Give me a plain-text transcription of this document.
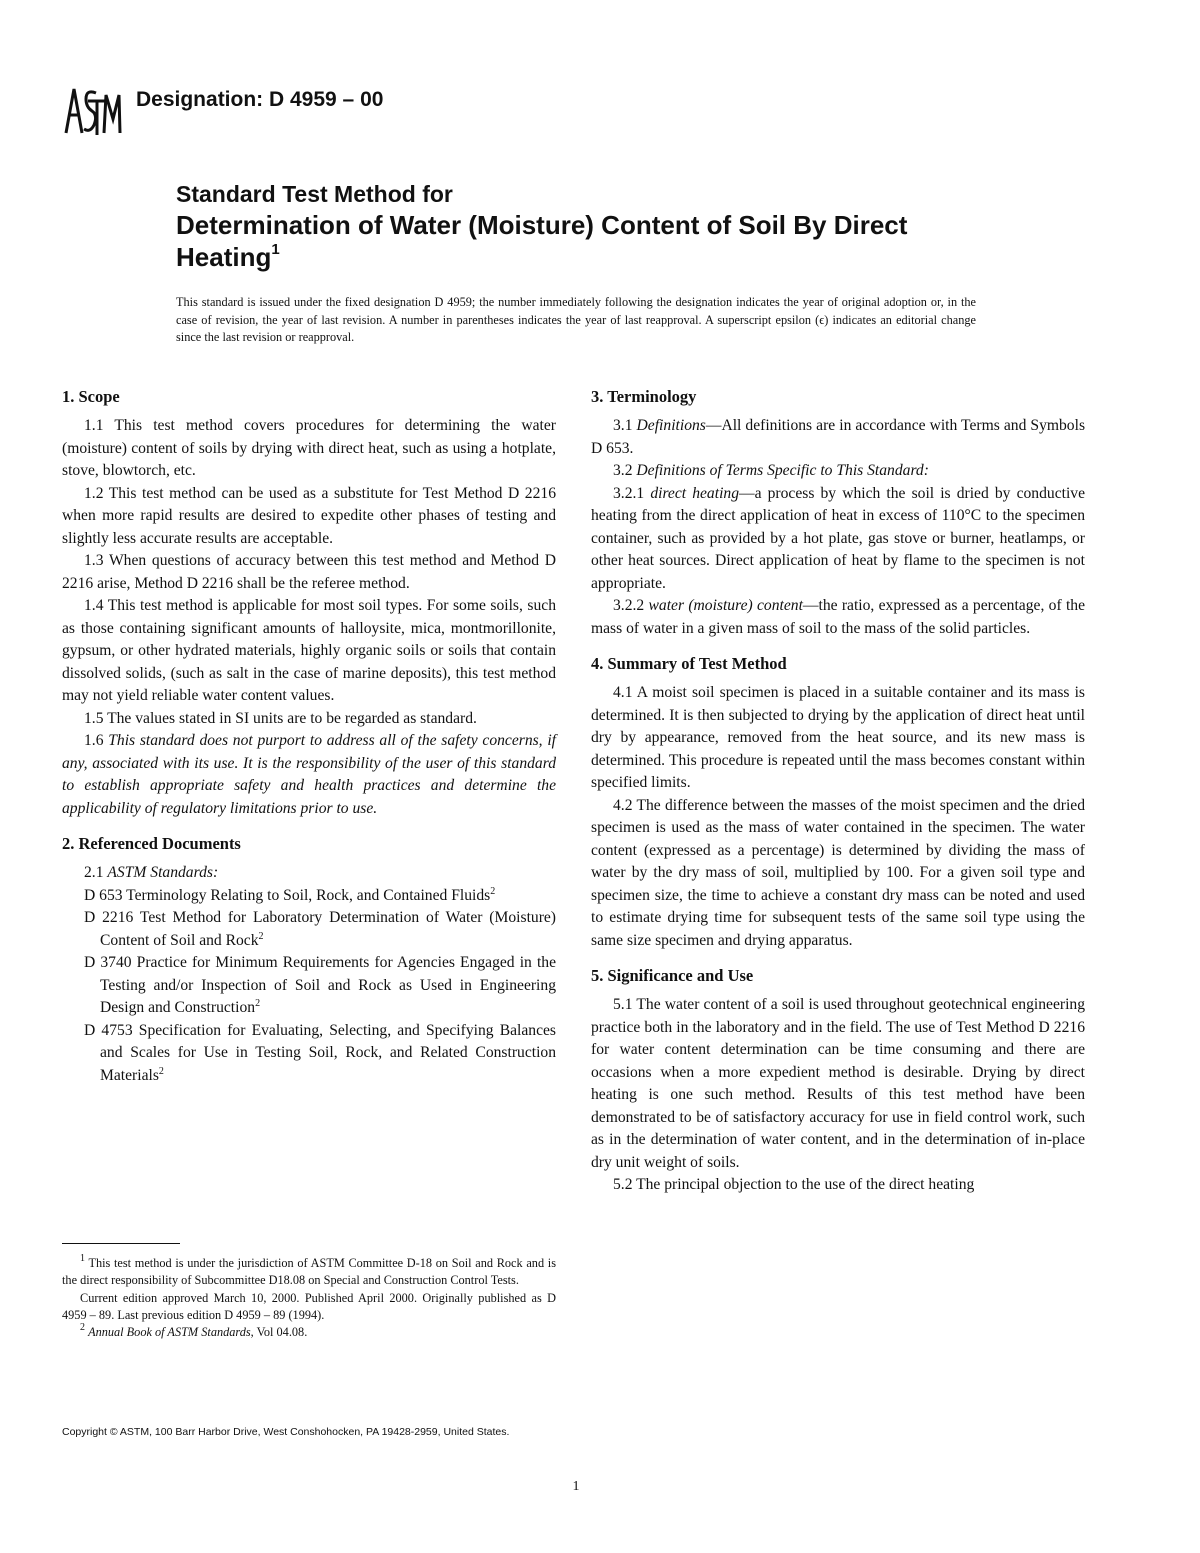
Designation: D 4959 – 00
Standard Test Method for
Determination of Water (Moisture) Content of Soil By Direct
Heating$^1$
This standard is issued under the fixed designation D 4959; the number immediately following the designation indicates the year of original adoption or, in the case of revision, the year of last revision. A number in parentheses indicates the year of last reapproval. A superscript epsilon (ϵ) indicates an editorial change since the last revision or reapproval.
1. Scope

1.1 This test method covers procedures for determining the water (moisture) content of soils by drying with direct heat, such as using a hotplate, stove, blowtorch, etc.

1.2 This test method can be used as a substitute for Test Method D 2216 when more rapid results are desired to expedite other phases of testing and slightly less accurate results are acceptable.

1.3 When questions of accuracy between this test method and Method D 2216 arise, Method D 2216 shall be the referee method.

1.4 This test method is applicable for most soil types. For some soils, such as those containing significant amounts of halloysite, mica, montmorillonite, gypsum, or other hydrated materials, highly organic soils or soils that contain dissolved solids, (such as salt in the case of marine deposits), this test method may not yield reliable water content values.

1.5 The values stated in SI units are to be regarded as standard.

1.6 This standard does not purport to address all of the safety concerns, if any, associated with its use. It is the responsibility of the user of this standard to establish appropriate safety and health practices and determine the applicability of regulatory limitations prior to use.

2. Referenced Documents

2.1 ASTM Standards:

D 653 Terminology Relating to Soil, Rock, and Contained Fluids$^2$
D 2216 Test Method for Laboratory Determination of Water (Moisture) Content of Soil and Rock$^2$
D 3740 Practice for Minimum Requirements for Agencies Engaged in the Testing and/or Inspection of Soil and Rock as Used in Engineering Design and Construction$^2$
D 4753 Specification for Evaluating, Selecting, and Specifying Balances and Scales for Use in Testing Soil, Rock, and Related Construction Materials$^2$
3. Terminology

3.1 Definitions—All definitions are in accordance with Terms and Symbols D 653.

3.2 Definitions of Terms Specific to This Standard:

3.2.1 direct heating—a process by which the soil is dried by conductive heating from the direct application of heat in excess of 110°C to the specimen container, such as provided by a hot plate, gas stove or burner, heatlamps, or other heat sources. Direct application of heat by flame to the specimen is not appropriate.

3.2.2 water (moisture) content—the ratio, expressed as a percentage, of the mass of water in a given mass of soil to the mass of the solid particles.

4. Summary of Test Method

4.1 A moist soil specimen is placed in a suitable container and its mass is determined. It is then subjected to drying by the application of direct heat until dry by appearance, removed from the heat source, and its new mass is determined. This procedure is repeated until the mass becomes constant within specified limits.

4.2 The difference between the masses of the moist specimen and the dried specimen is used as the mass of water contained in the specimen. The water content (expressed as a percentage) is determined by dividing the mass of water by the dry mass of soil, multiplied by 100. For a given soil type and specimen size, the time to achieve a constant dry mass can be noted and used to estimate drying time for subsequent tests of the same soil type using the same size specimen and drying apparatus.

5. Significance and Use

5.1 The water content of a soil is used throughout geotechnical engineering practice both in the laboratory and in the field. The use of Test Method D 2216 for water content determination can be time consuming and there are occasions when a more expedient method is desirable. Drying by direct heating is one such method. Results of this test method have been demonstrated to be of satisfactory accuracy for use in field control work, such as in the determination of water content, and in the determination of in-place dry unit weight of soils.

5.2 The principal objection to the use of the direct heating

$^1$ This test method is under the jurisdiction of ASTM Committee D-18 on Soil and Rock and is the direct responsibility of Subcommittee D18.08 on Special and Construction Control Tests.

Current edition approved March 10, 2000. Published April 2000. Originally published as D 4959 – 89. Last previous edition D 4959 – 89 (1994).

$^2$ Annual Book of ASTM Standards, Vol 04.08.

Copyright © ASTM, 100 Barr Harbor Drive, West Conshohocken, PA 19428-2959, United States.
1
